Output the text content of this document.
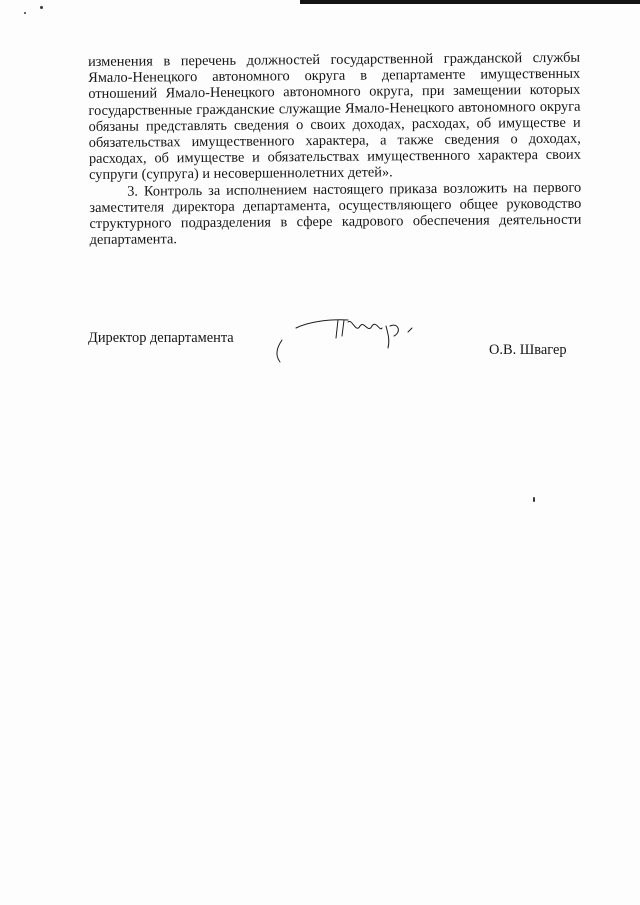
изменения в перечень должностей государственной гражданской службы Ямало-Ненецкого автономного округа в департаменте имущественных отношений Ямало-Ненецкого автономного округа, при замещении которых государственные гражданские служащие Ямало-Ненецкого автономного округа обязаны представлять сведения о своих доходах, расходах, об имуществе и обязательствах имущественного характера, а также сведения о доходах, расходах, об имуществе и обязательствах имущественного характера своих супруги (супруга) и несовершеннолетних детей».

3. Контроль за исполнением настоящего приказа возложить на первого заместителя директора департамента, осуществляющего общее руководство структурного подразделения в сфере кадрового обеспечения деятельности департамента.

Директор департамента
О.В. Швагер
